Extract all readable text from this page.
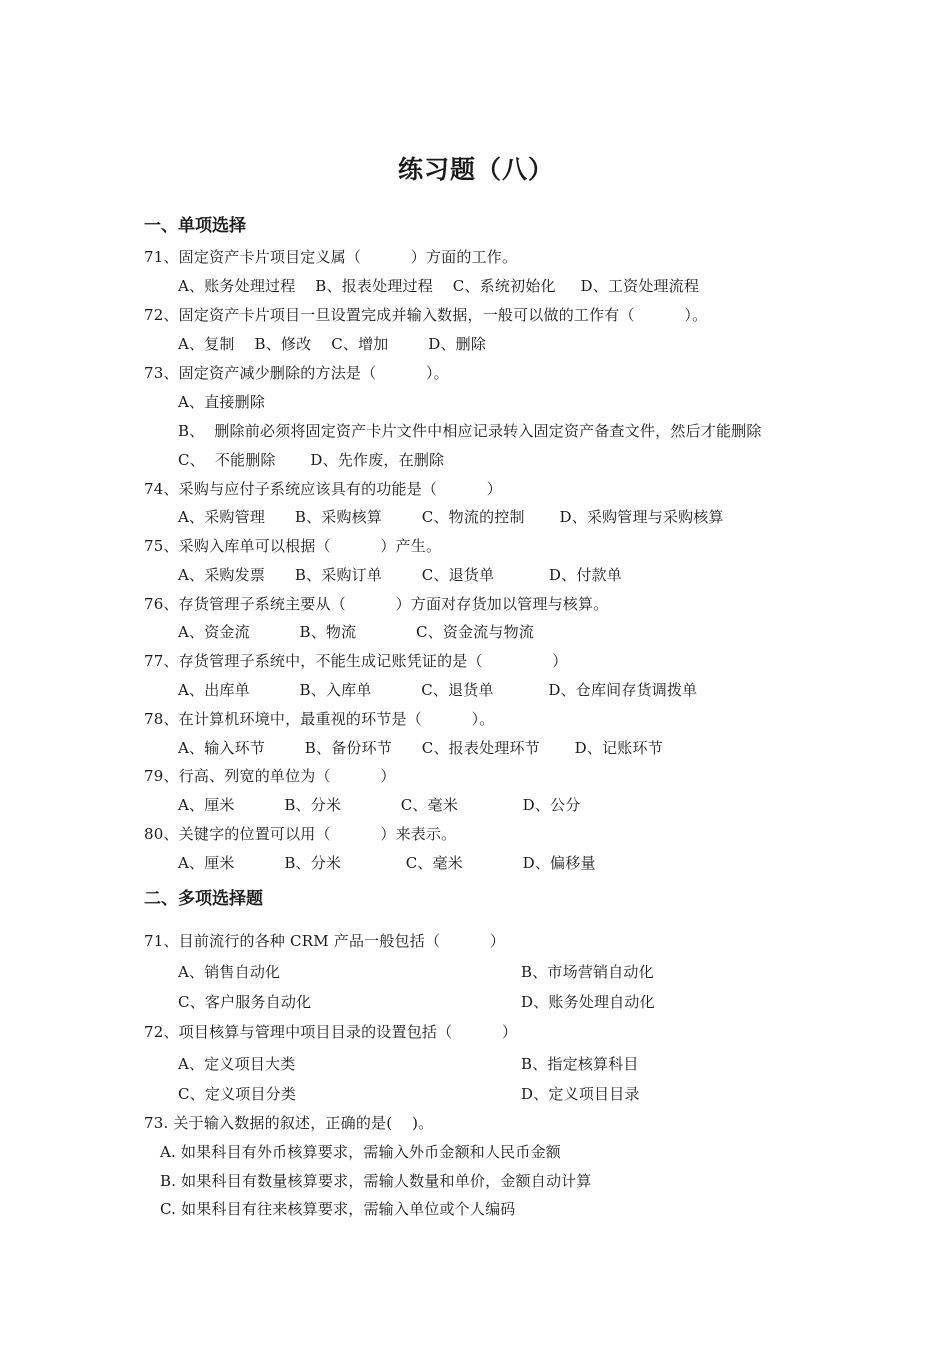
练习题（八）
一、单项选择
71、固定资产卡片项目定义属（          ）方面的工作。
A、账务处理过程    B、报表处理过程    C、系统初始化     D、工资处理流程
72、固定资产卡片项目一旦设置完成并输入数据，一般可以做的工作有（          ）。
A、复制    B、修改    C、增加        D、删除
73、固定资产减少删除的方法是（          ）。
A、直接删除
B、  删除前必须将固定资产卡片文件中相应记录转入固定资产备查文件，然后才能删除
C、  不能删除       D、先作废，在删除
74、采购与应付子系统应该具有的功能是（          ）
A、采购管理      B、采购核算        C、物流的控制       D、采购管理与采购核算
75、采购入库单可以根据（          ）产生。
A、采购发票      B、采购订单        C、退货单           D、付款单
76、存货管理子系统主要从（          ）方面对存货加以管理与核算。
A、资金流          B、物流            C、资金流与物流
77、存货管理子系统中，不能生成记账凭证的是（              ）
A、出库单          B、入库单          C、退货单           D、仓库间存货调拨单
78、在计算机环境中，最重视的环节是（          ）。
A、输入环节        B、备份环节      C、报表处理环节       D、记账环节
79、行高、列宽的单位为（          ）
A、厘米          B、分米            C、毫米             D、公分
80、关键字的位置可以用（          ）来表示。
A、厘米          B、分米             C、毫米            D、偏移量
二、多项选择题
71、目前流行的各种 CRM 产品一般包括（          ）
A、销售自动化	B、市场营销自动化
C、客户服务自动化	D、账务处理自动化
72、项目核算与管理中项目目录的设置包括（          ）
A、定义项目大类	B、指定核算科目
C、定义项目分类	D、定义项目目录
73. 关于输入数据的叙述，正确的是(    )。
A. 如果科目有外币核算要求，需输入外币金额和人民币金额
B. 如果科目有数量核算要求，需输人数量和单价，金额自动计算
C. 如果科目有往来核算要求，需输入单位或个人编码
